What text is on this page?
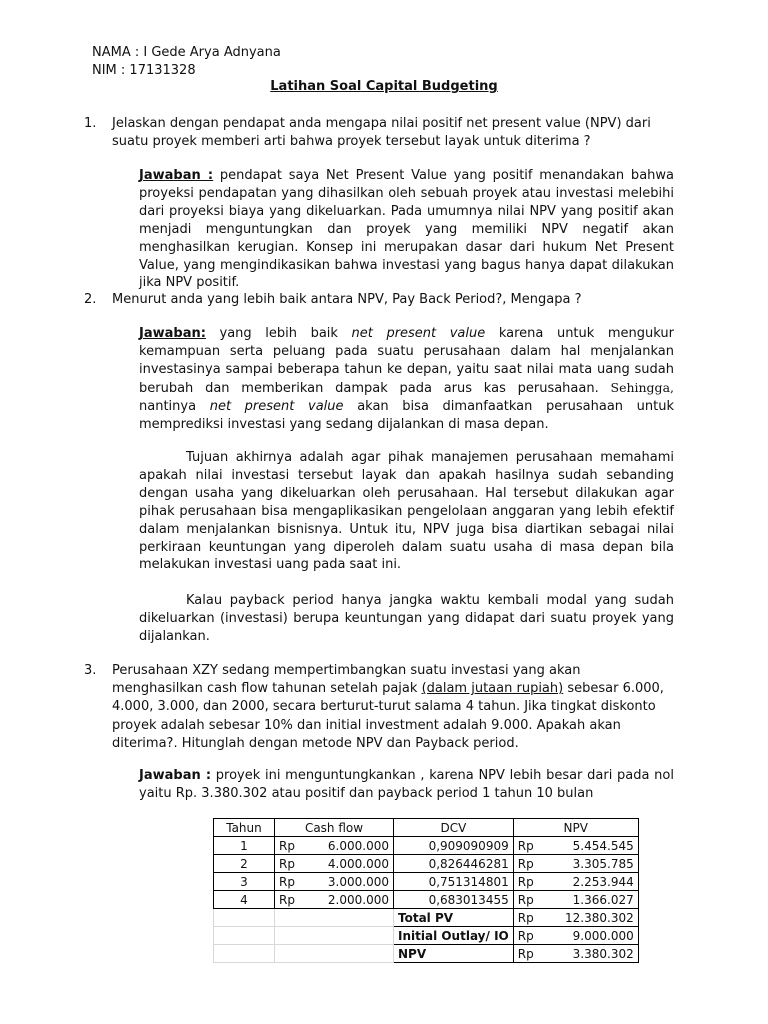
NAMA : I Gede Arya Adnyana
NIM : 17131328
Latihan Soal Capital Budgeting
1. Jelaskan dengan pendapat anda mengapa nilai positif net present value (NPV) dari suatu proyek memberi arti bahwa proyek tersebut layak untuk diterima ?

Jawaban : pendapat saya Net Present Value yang positif menandakan bahwa proyeksi pendapatan yang dihasilkan oleh sebuah proyek atau investasi melebihi dari proyeksi biaya yang dikeluarkan. Pada umumnya nilai NPV yang positif akan menjadi menguntungkan dan proyek yang memiliki NPV negatif akan menghasilkan kerugian. Konsep ini merupakan dasar dari hukum Net Present Value, yang mengindikasikan bahwa investasi yang bagus hanya dapat dilakukan jika NPV positif.

2. Menurut anda yang lebih baik antara NPV, Pay Back Period?, Mengapa ?

Jawaban: yang lebih baik net present value karena untuk mengukur kemampuan serta peluang pada suatu perusahaan dalam hal menjalankan investasinya sampai beberapa tahun ke depan, yaitu saat nilai mata uang sudah berubah dan memberikan dampak pada arus kas perusahaan. Sehingga, nantinya net present value akan bisa dimanfaatkan perusahaan untuk memprediksi investasi yang sedang dijalankan di masa depan.

Tujuan akhirnya adalah agar pihak manajemen perusahaan memahami apakah nilai investasi tersebut layak dan apakah hasilnya sudah sebanding dengan usaha yang dikeluarkan oleh perusahaan. Hal tersebut dilakukan agar pihak perusahaan bisa mengaplikasikan pengelolaan anggaran yang lebih efektif dalam menjalankan bisnisnya. Untuk itu, NPV juga bisa diartikan sebagai nilai perkiraan keuntungan yang diperoleh dalam suatu usaha di masa depan bila melakukan investasi uang pada saat ini.

Kalau payback period hanya jangka waktu kembali modal yang sudah dikeluarkan (investasi) berupa keuntungan yang didapat dari suatu proyek yang dijalankan.

3. Perusahaan XZY sedang mempertimbangkan suatu investasi yang akan menghasilkan cash flow tahunan setelah pajak (dalam jutaan rupiah) sebesar 6.000, 4.000, 3.000, dan 2000, secara berturut-turut salama 4 tahun. Jika tingkat diskonto proyek adalah sebesar 10% dan initial investment adalah 9.000. Apakah akan diterima?. Hitunglah dengan metode NPV dan Payback period.

Jawaban : proyek ini menguntungkankan , karena NPV lebih besar dari pada nol yaitu Rp. 3.380.302 atau positif dan payback period 1 tahun 10 bulan

Tahun	Cash flow		DCV	NPV	
1	Rp	6.000.000	0,909090909	Rp	5.454.545
2	Rp	4.000.000	0,826446281	Rp	3.305.785
3	Rp	3.000.000	0,751314801	Rp	2.253.944
4	Rp	2.000.000	0,683013455	Rp	1.366.027
			Total PV	Rp	12.380.302
			Initial Outlay/ IO	Rp	9.000.000
			NPV	Rp	3.380.302
